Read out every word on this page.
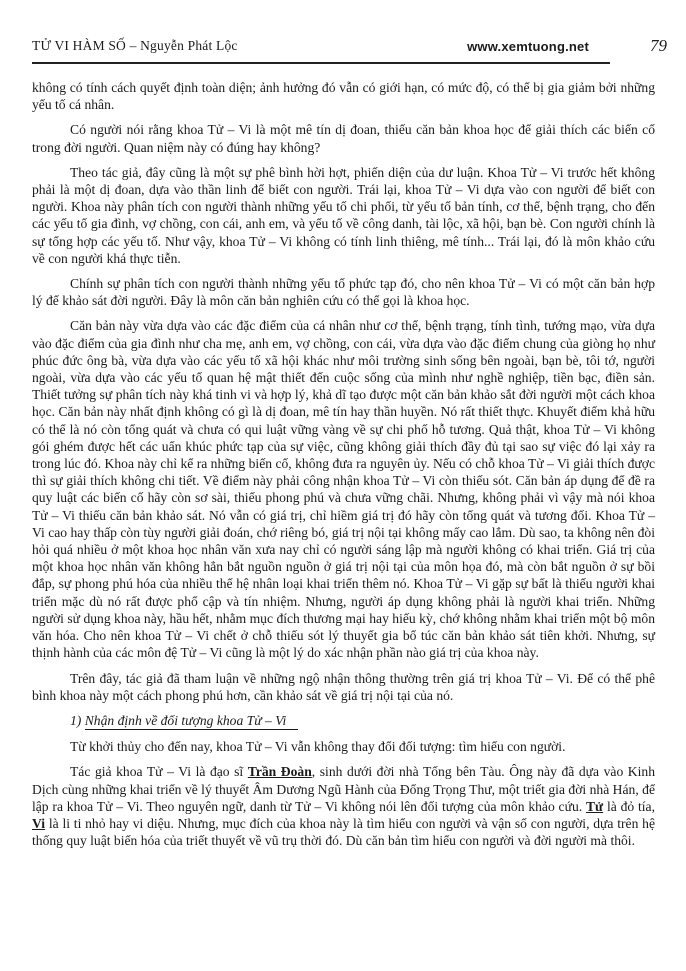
TỬ VI HÀM SỐ – Nguyễn Phát Lộc	www.xemtuong.net	79

không có tính cách quyết định toàn diện; ảnh hưởng đó vẫn có giới hạn, có mức độ, có thể bị gia giảm bởi những yếu tố cá nhân.

Có người nói rằng khoa Tử – Vi là một mê tín dị đoan, thiếu căn bản khoa học để giải thích các biến cố trong đời người. Quan niệm này có đúng hay không?

Theo tác giả, đây cũng là một sự phê bình hời hợt, phiến diện của dư luận. Khoa Tử – Vi trước hết không phải là một dị đoan, dựa vào thần linh để biết con người. Trái lại, khoa Tử – Vi dựa vào con người để biết con người. Khoa này phân tích con người thành những yếu tố chi phối, từ yếu tố bản tính, cơ thể, bệnh trạng, cho đến các yếu tố gia đình, vợ chồng, con cái, anh em, và yếu tố về công danh, tài lộc, xã hội, bạn bè. Con người chính là sự tổng hợp các yếu tố. Như vậy, khoa Tử – Vi không có tính linh thiêng, mê tính... Trái lại, đó là môn khảo cứu về con người khá thực tiễn.

Chính sự phân tích con người thành những yếu tố phức tạp đó, cho nên khoa Tử – Vi có một căn bản hợp lý để khảo sát đời người. Đây là môn căn bản nghiên cứu có thể gọi là khoa học.

Căn bản này vừa dựa vào các đặc điểm của cá nhân như cơ thể, bệnh trạng, tính tình, tướng mạo, vừa dựa vào đặc điểm của gia đình như cha mẹ, anh em, vợ chồng, con cái, vừa dựa vào đặc điểm chung của giòng họ như phúc đức ông bà, vừa dựa vào các yếu tố xã hội khác như môi trường sinh sống bên ngoài, bạn bè, tôi tớ, người ngoài, vừa dựa vào các yếu tố quan hệ mật thiết đến cuộc sống của mình như nghề nghiệp, tiền bạc, điền sản. Thiết tưởng sự phân tích này khá tinh vi và hợp lý, khả dĩ tạo được một căn bản khảo sắt đời người một cách khoa học. Căn bản này nhất định không có gì là dị đoan, mê tín hay thần huyền. Nó rất thiết thực. Khuyết điểm khả hữu có thể là nó còn tổng quát và chưa có qui luật vững vàng về sự chi phố hỗ tương. Quả thật, khoa Tử – Vi không gói ghém được hết các uẩn khúc phức tạp của sự việc, cũng không giải thích đầy đủ tại sao sự việc đó lại xảy ra trong lúc đó. Khoa này chỉ kể ra những biến cố, không đưa ra nguyên ủy. Nếu có chỗ khoa Tử – Vi giải thích được thì sự giải thích không chi tiết. Về điểm này phải công nhận khoa Tử – Vi còn thiếu sót. Căn bản áp dụng để đề ra quy luật các biến cố hãy còn sơ sài, thiếu phong phú và chưa vững chãi. Nhưng, không phải vì vậy mà nói khoa Tử – Vi thiếu căn bản khảo sát. Nó vẫn có giá trị, chỉ hiềm giá trị đó hãy còn tổng quát và tương đối. Khoa Tử – Vi cao hay thấp còn tùy người giải đoán, chớ riêng bó, giá trị nội tại không mấy cao lắm. Dù sao, ta không nên đòi hỏi quá nhiều ở một khoa học nhân văn xưa nay chỉ có người sáng lập mà người không có khai triển. Giá trị của một khoa học nhân văn không hẳn bắt nguồn nguồn ở giá trị nội tại của môn họa đó, mà còn bắt nguồn ở sự bồi đắp, sự phong phú hóa của nhiều thế hệ nhân loại khai triển thêm nó. Khoa Tử – Vi gặp sự bất là thiếu người khai triển mặc dù nó rất được phổ cập và tín nhiệm. Nhưng, người áp dụng không phải là người khai triển. Những người sử dụng khoa này, hầu hết, nhằm mục đích thương mại hay hiếu kỳ, chớ không nhằm khai triển một bộ môn văn hóa. Cho nên khoa Tử – Vi chết ở chỗ thiếu sót lý thuyết gia bổ túc căn bản khảo sát tiên khởi. Nhưng, sự thịnh hành của các môn đệ Tử – Vi cũng là một lý do xác nhận phần nào giá trị của khoa này.

Trên đây, tác giả đã tham luận về những ngộ nhận thông thường trên giá trị khoa Tử – Vi. Để có thể phê bình khoa này một cách phong phú hơn, cần khảo sát về giá trị nội tại của nó.

1) Nhận định về đối tượng khoa Tử – Vi

Từ khởi thủy cho đến nay, khoa Tử – Vi vẫn không thay đổi đối tượng: tìm hiểu con người.

Tác giả khoa Tử – Vi là đạo sĩ Trần Đoàn, sinh dưới đời nhà Tống bên Tàu. Ông này đã dựa vào Kinh Dịch cùng những khai triển về lý thuyết Âm Dương Ngũ Hành của Đổng Trọng Thư, một triết gia đời nhà Hán, để lập ra khoa Tử – Vi. Theo nguyên ngữ, danh từ Tử – Vi không nói lên đối tượng của môn khảo cứu. Tử là đỏ tía, Vi là li ti nhỏ hay vi diệu. Nhưng, mục đích của khoa này là tìm hiểu con người và vận số con người, dựa trên hệ thống quy luật biến hóa của triết thuyết về vũ trụ thời đó. Dù căn bản tìm hiểu con người và đời người mà thôi.
